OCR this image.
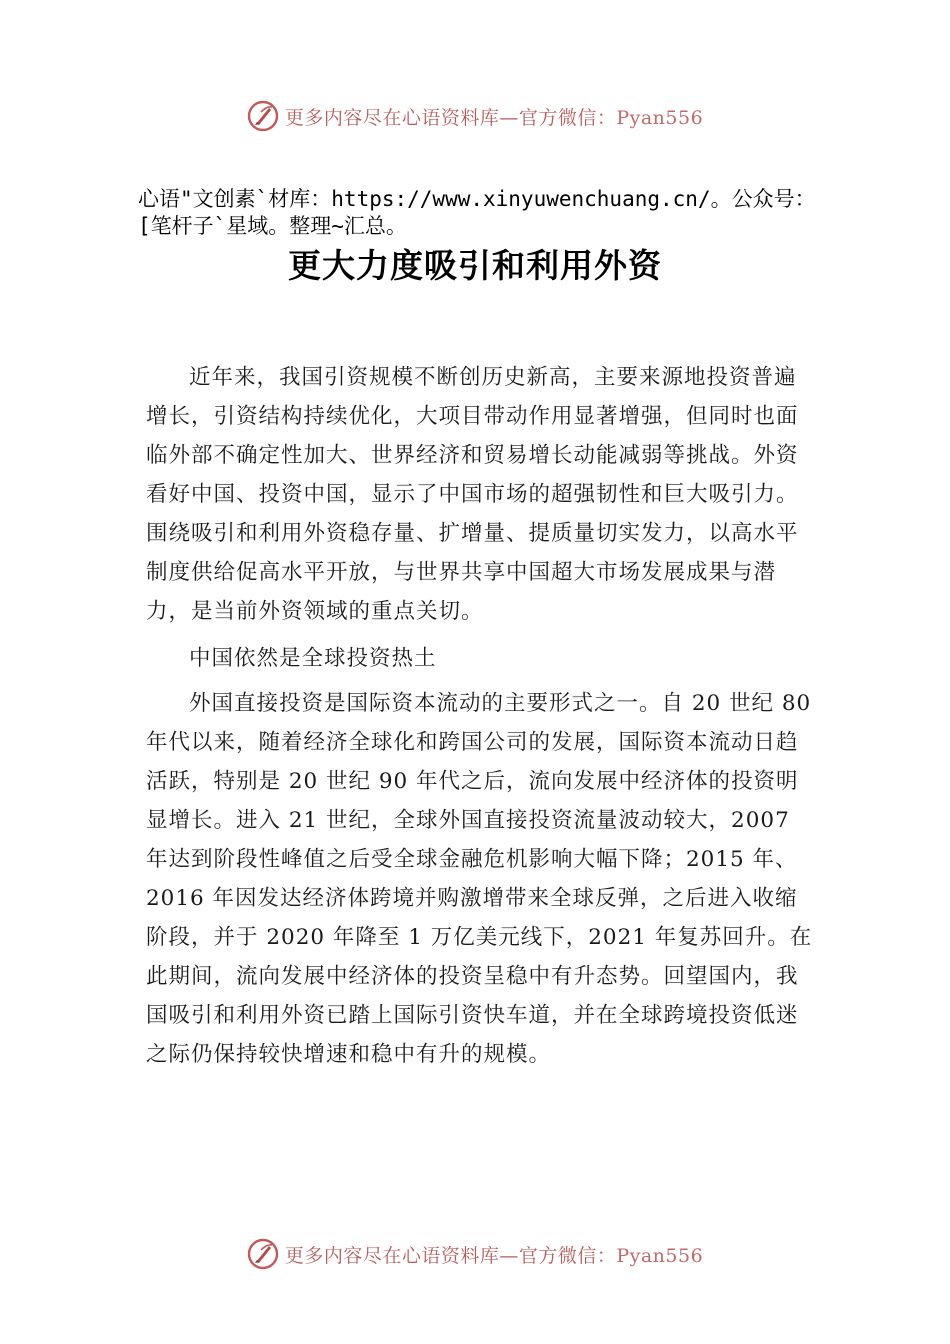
更多内容尽在心语资料库—官方微信：Pyan556
心语"文创素`材库：https://www.xinyuwenchuang.cn/。公众号：[笔杆子`星域。整理~汇总。
更大力度吸引和利用外资

近年来，我国引资规模不断创历史新高，主要来源地投资普遍增长，引资结构持续优化，大项目带动作用显著增强，但同时也面临外部不确定性加大、世界经济和贸易增长动能减弱等挑战。外资看好中国、投资中国，显示了中国市场的超强韧性和巨大吸引力。围绕吸引和利用外资稳存量、扩增量、提质量切实发力，以高水平制度供给促高水平开放，与世界共享中国超大市场发展成果与潜力，是当前外资领域的重点关切。

中国依然是全球投资热土

外国直接投资是国际资本流动的主要形式之一。自 20 世纪 80 年代以来，随着经济全球化和跨国公司的发展，国际资本流动日趋活跃，特别是 20 世纪 90 年代之后，流向发展中经济体的投资明显增长。进入 21 世纪，全球外国直接投资流量波动较大，2007 年达到阶段性峰值之后受全球金融危机影响大幅下降；2015 年、2016 年因发达经济体跨境并购激增带来全球反弹，之后进入收缩阶段，并于 2020 年降至 1 万亿美元线下，2021 年复苏回升。在此期间，流向发展中经济体的投资呈稳中有升态势。回望国内，我国吸引和利用外资已踏上国际引资快车道，并在全球跨境投资低迷之际仍保持较快增速和稳中有升的规模。

更多内容尽在心语资料库—官方微信：Pyan556
